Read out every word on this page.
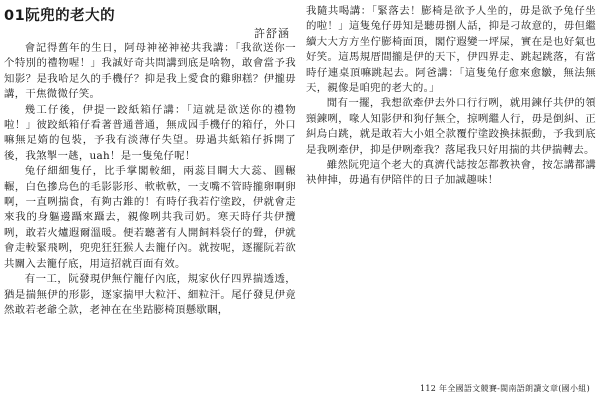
01阮兜的老大的
許舒涵

會記得舊年的生日，阿母神祕神祕共我講：「我欲送你一个特別的禮物喔！」我誠好奇共問講到底是啥物，敢會當予我知影？是我哈足久的手機仔？抑是我上愛食的雞卵糕？伊攏毋講，干焦微微仔笑。

幾工仔後，伊提一跤紙箱仔講：「這就是欲送你的禮物啦！」彼跤紙箱仔看著普通普通，無成囥手機仔的箱仔，外口嘛無足媠的包裝，予我有淡薄仔失望。毋過共紙箱仔拆開了後，我煞掣一趒，uah！是一隻兔仔呢！

兔仔細細隻仔，比手掌閣較細，兩蕊目睭大大蕊、圓輾輾，白色摻烏色的毛影影形、軟軟軟，一支嘴不管時攏卵啊卵啊，一直咧揣食，有夠古錐的！有時仔我若佇塗跤，伊就會走來我的身軀邊躡來躡去，親像咧共我司奶。寒天時仔共伊攬咧，敢若火爐遐爾溫暖。便若聽著有人開飼料袋仔的聲，伊就會走較緊飛咧，兜兜狂狂猴人去籠仔內。就按呢，逐擺阮若欲共關入去籠仔底，用這招就百面有效。

有一工，阮發現伊無佇籠仔內底，規家伙仔四界揣透透，猶是揣無伊的形影，逐家揣甲大粒汗、細粒汗。尾仔發見伊竟然敢若老爺仝款，老神在在坐跍膨椅頂懸歇睏，

我隨共喝講：「緊落去！膨椅是欲予人坐的，毋是欲予兔仔坐的啦！」這隻兔仔毋知是聽毋捌人話，抑是刁故意的，毋但繼續大大方方坐佇膨椅面頂，閣佇遐變一坪屎，實在是也好氣也好笑。這馬規厝間攏是伊的天下，伊四界走、跳起跳落，有當時仔連桌頂嘛跳起去。阿爸講：「這隻兔仔愈來愈皺，無法無天，親像是咱兜的老大的。」

閒有一擺，我想欲牽伊去外口行行咧，就用鍊仔共伊的領頸鍊咧，喙人知影伊和狗仔無仝，掠咧繼人行，毋是倒糾、正糾烏白跳，就是敢若大小姐仝款覆佇塗跤換抹振動，予我到底是我咧牽伊，抑是伊咧牽我？落尾我只好用揣的共伊揣轉去。

雖然阮兜這个老大的真濟代誌按怎都教袂會，按怎講都講袂伸捙，毋過有伊陪伴的日子加誠趣味！

112 年全國語文競賽-閩南語朗讀文章(國小組)
